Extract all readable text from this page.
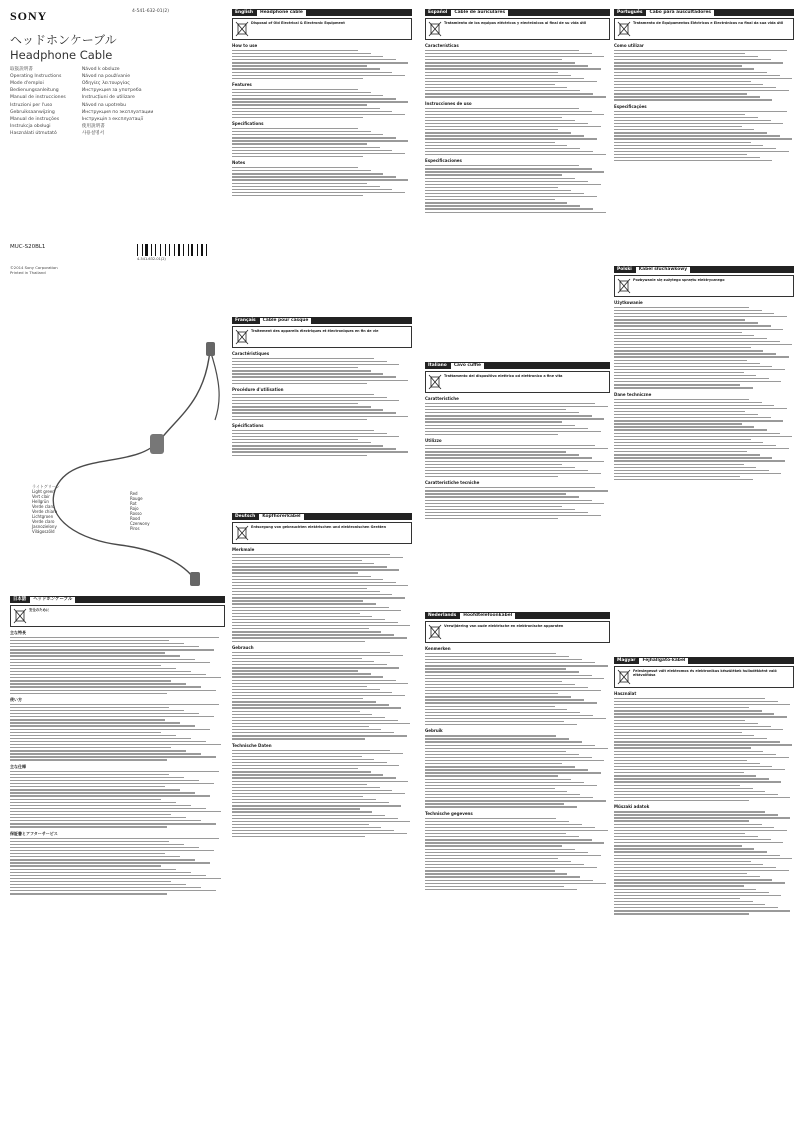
SONY	4-541-632-01(2)
ヘッドホンケーブル
Headphone Cable
取扱説明書
Operating Instructions
Mode d'emploi
Bedienungsanleitung
Manual de instrucciones
Istruzioni per l'uso
Gebruiksaanwijzing
Manual de instruções
Instrukcja obsługi
Használati útmutató
Návod k obsluze
Návod na používanie
Οδηγίες λειτουργίας
Инструкция за употреба
Instrucțiuni de utilizare
Návod na upotrebu
Инструкция по эксплуатации
Інструкція з експлуатації
使用說明書
사용설명서
MUC-S20BL1
©2014 Sony Corporation
Printed in Thailand
4-541-632-01(2)
ライトグリーン
Light green
Vert clair
Hellgrün
Verde claro
Verde chiaro
Lichtgroen
Verde claro
Jasnozielony
Világoszöld
Red
Rouge
Rot
Rojo
Rosso
Rood
Czerwony
Piros
English Headphone cable
Disposal of Old Electrical & Electronic Equipment
How to use
Features
Specifications
Notes
Español Cable de auriculares
Tratamiento de los equipos eléctricos y electrónicos al final de su vida útil
Características
Instrucciones de uso
Especificaciones
Português Cabo para auscultadores
Tratamento de Equipamentos Eléctricos e Electrónicos no final da sua vida útil
Como utilizar
Especificações
Français Câble pour casque
Traitement des appareils électriques et électroniques en fin de vie
Caractéristiques
Procédure d'utilisation
Spécifications
Italiano Cavo cuffie
Trattamento del dispositivo elettrico od elettronico a fine vita
Caratteristiche
Utilizzo
Caratteristiche tecniche
Polski Kabel słuchawkowy
Pozbywanie się zużytego sprzętu elektrycznego
Użytkowanie
Dane techniczne
Deutsch Kopfhörerkabel
Entsorgung von gebrauchten elektrischen und elektronischen Geräten
Merkmale
Gebrauch
Technische Daten
Nederlands Hoofdtelefoonkabel
Verwijdering van oude elektrische en elektronische apparaten
Kenmerken
Gebruik
Technische gegevens
Magyar Fejhallgató-kábel
Feleslegessé vált elektromos és elektronikus készülékek hulladékként való eltávolítása
Használat
Műszaki adatok
日本語 ヘッドホンケーブル
安全のために
主な特長
使い方
主な仕様
保証書とアフターサービス
